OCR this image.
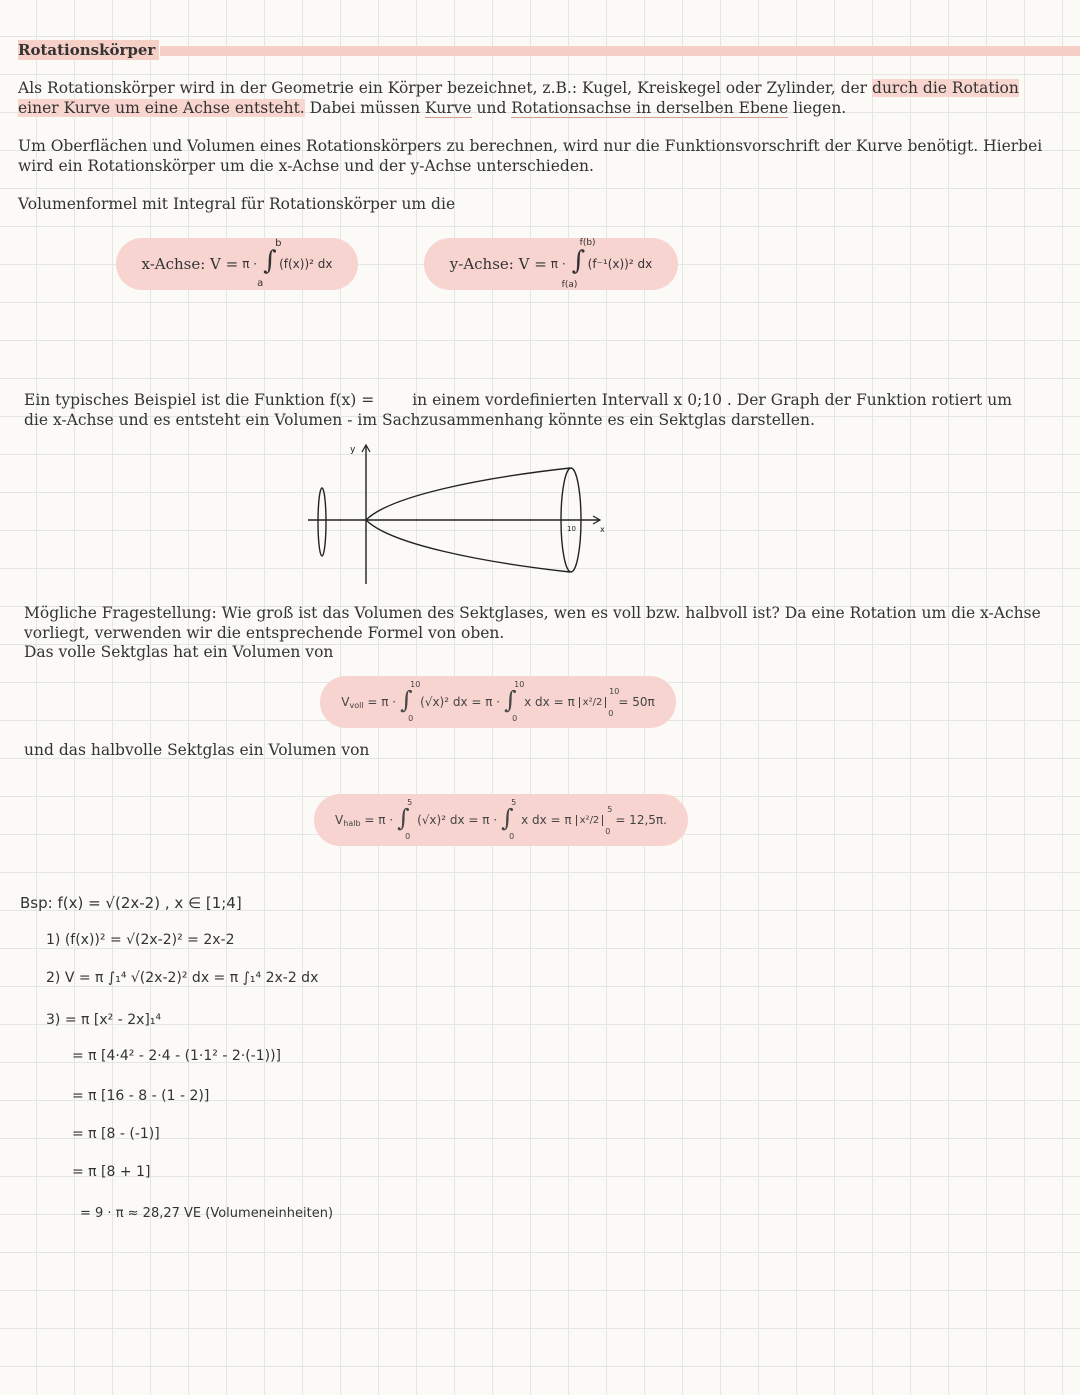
Rotationskörper
Als Rotationskörper wird in der Geometrie ein Körper bezeichnet, z.B.: Kugel, Kreiskegel oder Zylinder, der durch die Rotation
einer Kurve um eine Achse entsteht. Dabei müssen Kurve und Rotationsachse in derselben Ebene liegen.
Um Oberflächen und Volumen eines Rotationskörpers zu berechnen, wird nur die Funktionsvorschrift der Kurve benötigt. Hierbei
wird ein Rotationskörper um die x-Achse und der y-Achse unterschieden.
Volumenformel mit Integral für Rotationskörper um die
x-Achse: V = π · ∫
b
a
(f(x))² dx	y-Achse: V = π · ∫
f(b)
f(a)
(f⁻¹(x))² dx
Ein typisches Beispiel ist die Funktion f(x) = in einem vordefinierten Intervall x 0;10 . Der Graph der Funktion rotiert um
die x-Achse und es entsteht ein Volumen - im Sachzusammenhang könnte es ein Sektglas darstellen.
y
x
10
Mögliche Fragestellung: Wie groß ist das Volumen des Sektglases, wen es voll bzw. halbvoll ist? Da eine Rotation um die x-Achse
vorliegt, verwenden wir die entsprechende Formel von oben.
Das volle Sektglas hat ein Volumen von
V voll
= π · ∫
10
0
(√x)² dx = π · ∫
10
0
x dx = π x²/2
10
0
= 50π
und das halbvolle Sektglas ein Volumen von
V halb
= π · ∫
5
0
(√x)² dx = π · ∫
5
0
x dx = π x²/2
5
0
= 12,5π.
Bsp: f(x) = √(2x-2) , x ∈ [1;4]
1) (f(x))² = √(2x-2)² = 2x-2
2) V = π ∫₁⁴ √(2x-2)² dx = π ∫₁⁴ 2x-2 dx
3) = π [x² - 2x]₁⁴
= π [4·4² - 2·4 - (1·1² - 2·(-1))]
= π [16 - 8 - (1 - 2)]
= π [8 - (-1)]
= π [8 + 1]
= 9 · π ≈ 28,27 VE (Volumeneinheiten)
